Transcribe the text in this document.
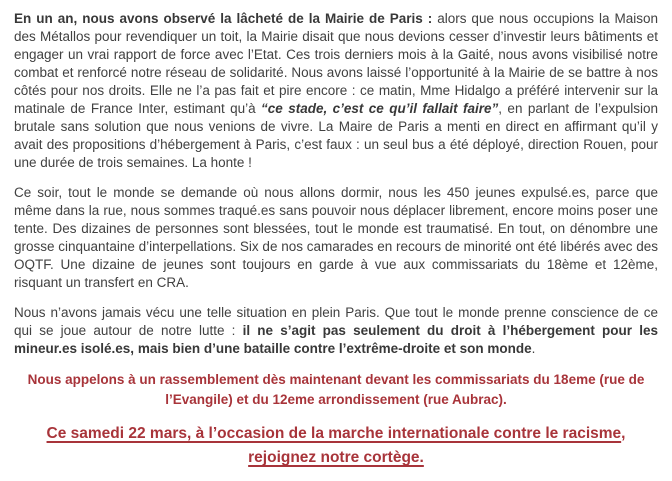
En un an, nous avons observé la lâcheté de la Mairie de Paris : alors que nous occupions la Maison des Métallos pour revendiquer un toit, la Mairie disait que nous devions cesser d’investir leurs bâtiments et engager un vrai rapport de force avec l’Etat. Ces trois derniers mois à la Gaité, nous avons visibilisé notre combat et renforcé notre réseau de solidarité. Nous avons laissé l’opportunité à la Mairie de se battre à nos côtés pour nos droits. Elle ne l’a pas fait et pire encore : ce matin, Mme Hidalgo a préféré intervenir sur la matinale de France Inter, estimant qu’à “ce stade, c’est ce qu’il fallait faire”, en parlant de l’expulsion brutale sans solution que nous venions de vivre. La Maire de Paris a menti en direct en affirmant qu’il y avait des propositions d’hébergement à Paris, c’est faux : un seul bus a été déployé, direction Rouen, pour une durée de trois semaines. La honte !

Ce soir, tout le monde se demande où nous allons dormir, nous les 450 jeunes expulsé.es, parce que même dans la rue, nous sommes traqué.es sans pouvoir nous déplacer librement, encore moins poser une tente. Des dizaines de personnes sont blessées, tout le monde est traumatisé. En tout, on dénombre une grosse cinquantaine d’interpellations. Six de nos camarades en recours de minorité ont été libérés avec des OQTF. Une dizaine de jeunes sont toujours en garde à vue aux commissariats du 18ème et 12ème, risquant un transfert en CRA.

Nous n’avons jamais vécu une telle situation en plein Paris. Que tout le monde prenne conscience de ce qui se joue autour de notre lutte : il ne s’agit pas seulement du droit à l’hébergement pour les mineur.es isolé.es, mais bien d’une bataille contre l’extrême-droite et son monde.

Nous appelons à un rassemblement dès maintenant devant les commissariats du 18eme (rue de
l’Evangile) et du 12eme arrondissement (rue Aubrac).

Ce samedi 22 mars, à l’occasion de la marche internationale contre le racisme,
rejoignez notre cortège.
